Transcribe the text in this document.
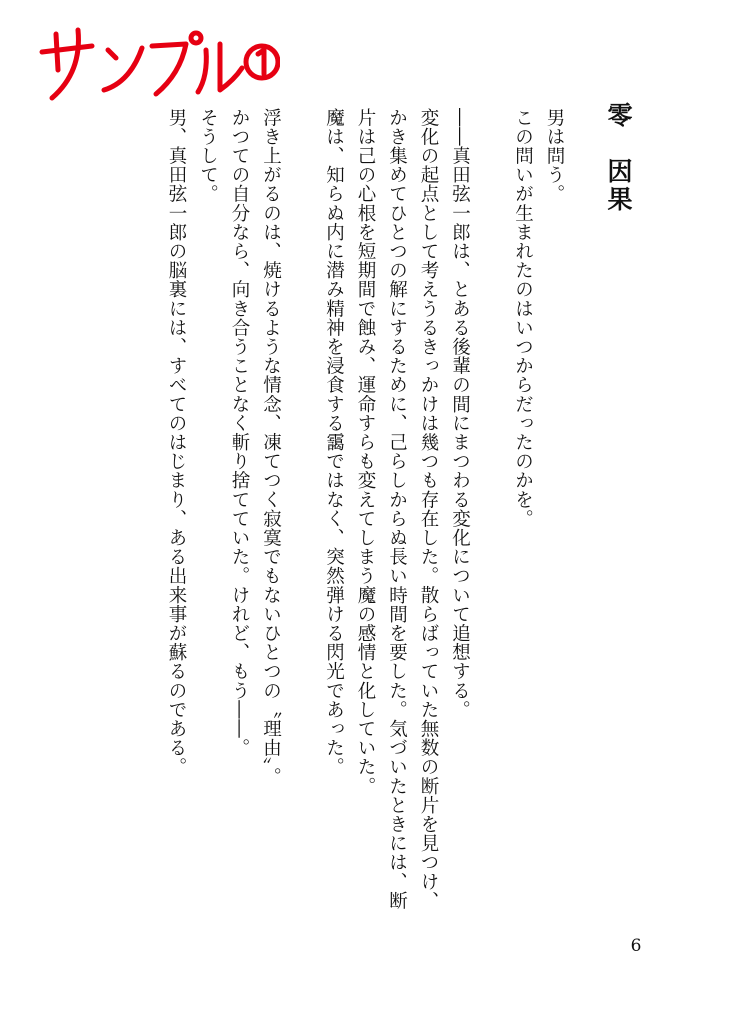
零　因果

男は問う。

この問いが生まれたのはいつからだったのかを。

――真田弦一郎は、とある後輩の間にまつわる変化について追想する。

変化の起点として考えうるきっかけは幾つも存在した。散らばっていた無数の断片を見つけ、かき集めてひとつの解にするために、己らしからぬ長い時間を要した。気づいたときには、断片は己の心根を短期間で蝕み、運命すらも変えてしまう魔の感情と化していた。

魔は、知らぬ内に潜み精神を浸食する靄ではなく、突然弾ける閃光であった。

浮き上がるのは、焼けるような情念、凍てつく寂寞でもないひとつの〝理由〟。

かつての自分なら、向き合うことなく斬り捨てていた。けれど、もう――。

そうして。

男、真田弦一郎の脳裏には、すべてのはじまり、ある出来事が蘇るのである。

6
